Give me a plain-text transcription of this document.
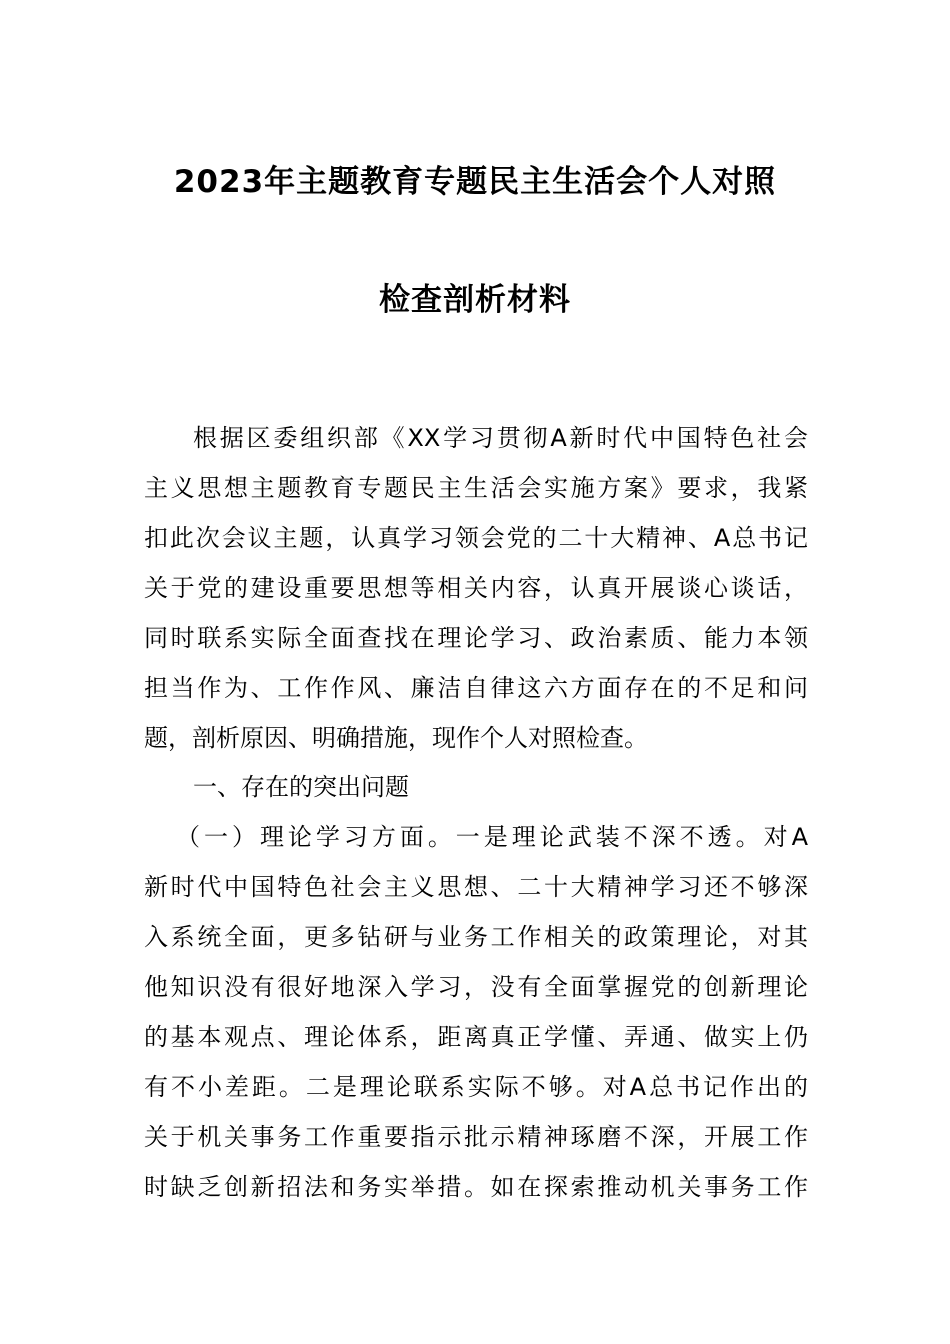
2023年主题教育专题民主生活会个人对照
检查剖析材料
根据区委组织部《XX学习贯彻A新时代中国特色社会
主义思想主题教育专题民主生活会实施方案》要求，我紧
扣此次会议主题，认真学习领会党的二十大精神、A总书记
关于党的建设重要思想等相关内容，认真开展谈心谈话，
同时联系实际全面查找在理论学习、政治素质、能力本领
担当作为、工作作风、廉洁自律这六方面存在的不足和问
题，剖析原因、明确措施，现作个人对照检查。
一、存在的突出问题
（一）理论学习方面。一是理论武装不深不透。对A
新时代中国特色社会主义思想、二十大精神学习还不够深
入系统全面，更多钻研与业务工作相关的政策理论，对其
他知识没有很好地深入学习，没有全面掌握党的创新理论
的基本观点、理论体系，距离真正学懂、弄通、做实上仍
有不小差距。二是理论联系实际不够。对A总书记作出的
关于机关事务工作重要指示批示精神琢磨不深，开展工作
时缺乏创新招法和务实举措。如在探索推动机关事务工作
